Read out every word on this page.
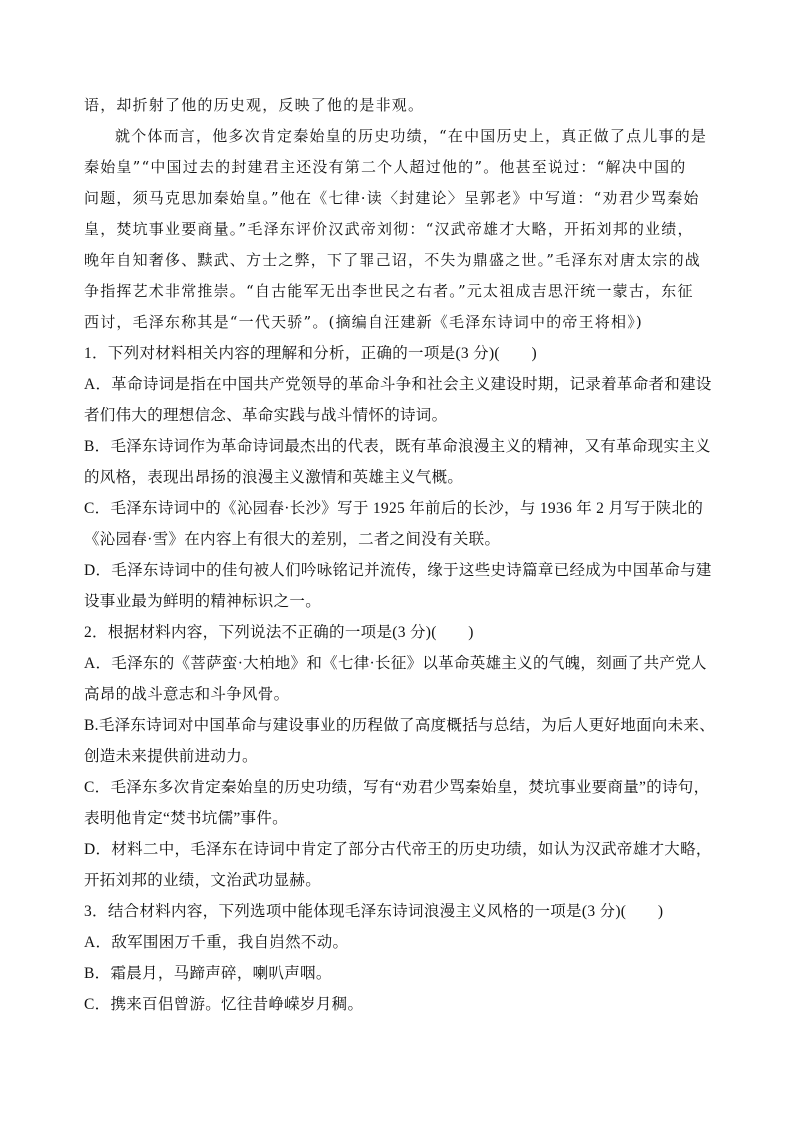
语，却折射了他的历史观，反映了他的是非观。

就个体而言，他多次肯定秦始皇的历史功绩，“在中国历史上，真正做了点儿事的是
秦始皇”“中国过去的封建君主还没有第二个人超过他的”。他甚至说过：“解决中国的
问题，须马克思加秦始皇。”他在《七律·读〈封建论〉呈郭老》中写道：“劝君少骂秦始
皇，焚坑事业要商量。”毛泽东评价汉武帝刘彻：“汉武帝雄才大略，开拓刘邦的业绩，
晚年自知奢侈、黩武、方士之弊，下了罪己诏，不失为鼎盛之世。”毛泽东对唐太宗的战
争指挥艺术非常推崇。“自古能军无出李世民之右者。”元太祖成吉思汗统一蒙古，东征
西讨，毛泽东称其是“一代天骄”。(摘编自汪建新《毛泽东诗词中的帝王将相》)

1．下列对材料相关内容的理解和分析，正确的一项是(3 分)(　　)
A．革命诗词是指在中国共产党领导的革命斗争和社会主义建设时期，记录着革命者和建设
者们伟大的理想信念、革命实践与战斗情怀的诗词。
B．毛泽东诗词作为革命诗词最杰出的代表，既有革命浪漫主义的精神，又有革命现实主义
的风格，表现出昂扬的浪漫主义激情和英雄主义气概。
C．毛泽东诗词中的《沁园春·长沙》写于 1925 年前后的长沙，与 1936 年 2 月写于陕北的
《沁园春·雪》在内容上有很大的差别，二者之间没有关联。
D．毛泽东诗词中的佳句被人们吟咏铭记并流传，缘于这些史诗篇章已经成为中国革命与建
设事业最为鲜明的精神标识之一。

2．根据材料内容，下列说法不正确的一项是(3 分)(　　)
A．毛泽东的《菩萨蛮·大柏地》和《七律·长征》以革命英雄主义的气魄，刻画了共产党人
高昂的战斗意志和斗争风骨。
B.毛泽东诗词对中国革命与建设事业的历程做了高度概括与总结，为后人更好地面向未来、
创造未来提供前进动力。
C．毛泽东多次肯定秦始皇的历史功绩，写有“劝君少骂秦始皇，焚坑事业要商量”的诗句，
表明他肯定“焚书坑儒”事件。
D．材料二中，毛泽东在诗词中肯定了部分古代帝王的历史功绩，如认为汉武帝雄才大略，
开拓刘邦的业绩，文治武功显赫。

3．结合材料内容，下列选项中能体现毛泽东诗词浪漫主义风格的一项是(3 分)(　　)
A．敌军围困万千重，我自岿然不动。
B．霜晨月，马蹄声碎，喇叭声咽。
C．携来百侣曾游。忆往昔峥嵘岁月稠。
